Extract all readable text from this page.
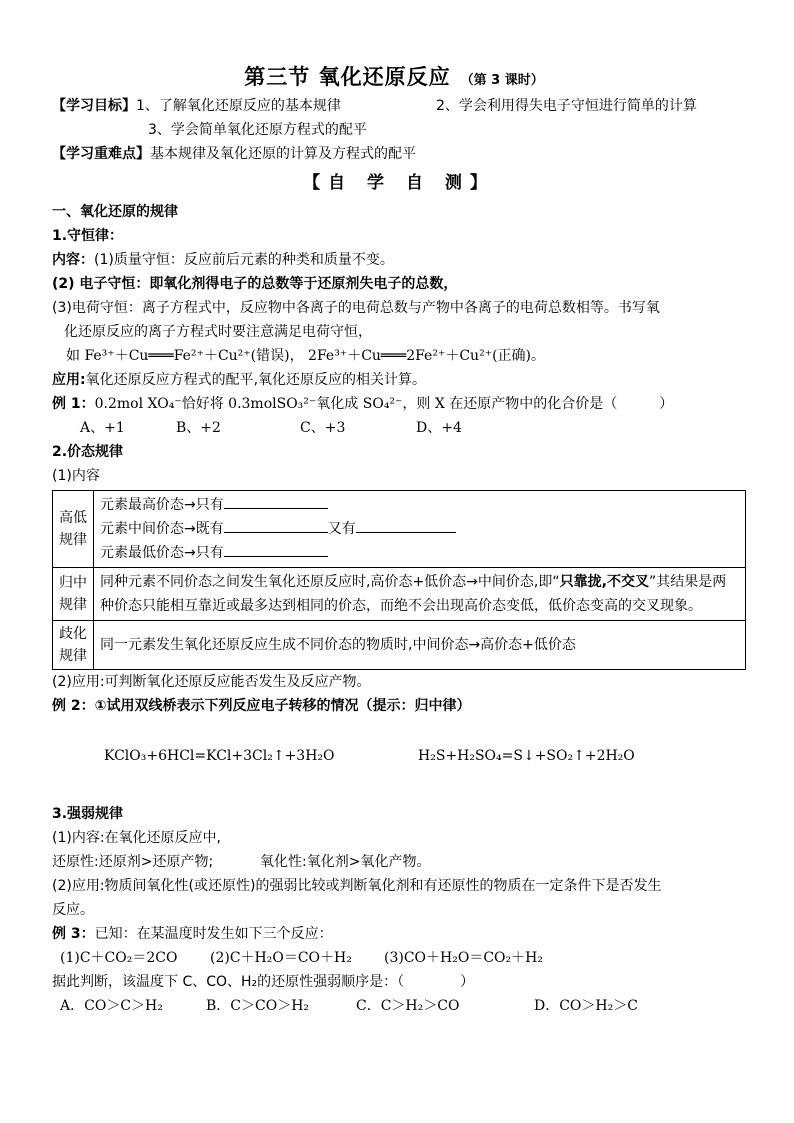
第三节 氧化还原反应 （第 3 课时）
【学习目标】1、了解氧化还原反应的基本规律	2、学会利用得失电子守恒进行简单的计算
3、学会简单氧化还原方程式的配平
【学习重难点】基本规律及氧化还原的计算及方程式的配平
【自 学 自 测】
一、氧化还原的规律
1.守恒律：
内容：(1)质量守恒：反应前后元素的种类和质量不变。
(2) 电子守恒：即氧化剂得电子的总数等于还原剂失电子的总数，
(3)电荷守恒：离子方程式中，反应物中各离子的电荷总数与产物中各离子的电荷总数相等。书写氧
化还原反应的离子方程式时要注意满足电荷守恒，
如 Fe³⁺＋Cu═══Fe²⁺＋Cu²⁺(错误)， 2Fe³⁺＋Cu═══2Fe²⁺＋Cu²⁺(正确)。
应用:氧化还原反应方程式的配平,氧化还原反应的相关计算。
例 1：0.2mol XO₄⁻恰好将 0.3molSO₃²⁻氧化成 SO₄²⁻，则 X 在还原产物中的化合价是（　　　）
A、+1	B、+2	C、+3	D、+4
2.价态规律
(1)内容
高低规律	元素最高价态→只有
元素中间价态→既有 又有
元素最低价态→只有

归中规律	同种元素不同价态之间发生氧化还原反应时,高价态+低价态→中间价态,即“只靠拢,不交叉”其结果是两种价态只能相互靠近或最多达到相同的价态，而绝不会出现高价态变低，低价态变高的交叉现象。
歧化规律	同一元素发生氧化还原反应生成不同价态的物质时,中间价态→高价态+低价态
(2)应用:可判断氧化还原反应能否发生及反应产物。
例 2：①试用双线桥表示下列反应电子转移的情况（提示：归中律）
KClO₃+6HCl=KCl+3Cl₂↑+3H₂O	H₂S+H₂SO₄=S↓+SO₂↑+2H₂O
3.强弱规律
(1)内容:在氧化还原反应中,
还原性:还原剂>还原产物;	氧化性:氧化剂>氧化产物。
(2)应用:物质间氧化性(或还原性)的强弱比较或判断氧化剂和有还原性的物质在一定条件下是否发生
反应。
例 3：已知：在某温度时发生如下三个反应：
(1)C＋CO₂＝2CO (2)C＋H₂O＝CO＋H₂ (3)CO＋H₂O＝CO₂＋H₂
据此判断，该温度下 C、CO、H₂的还原性强弱顺序是：（　　　　）
A．CO＞C＞H₂	B．C＞CO＞H₂	C．C＞H₂＞CO	D．CO＞H₂＞C
